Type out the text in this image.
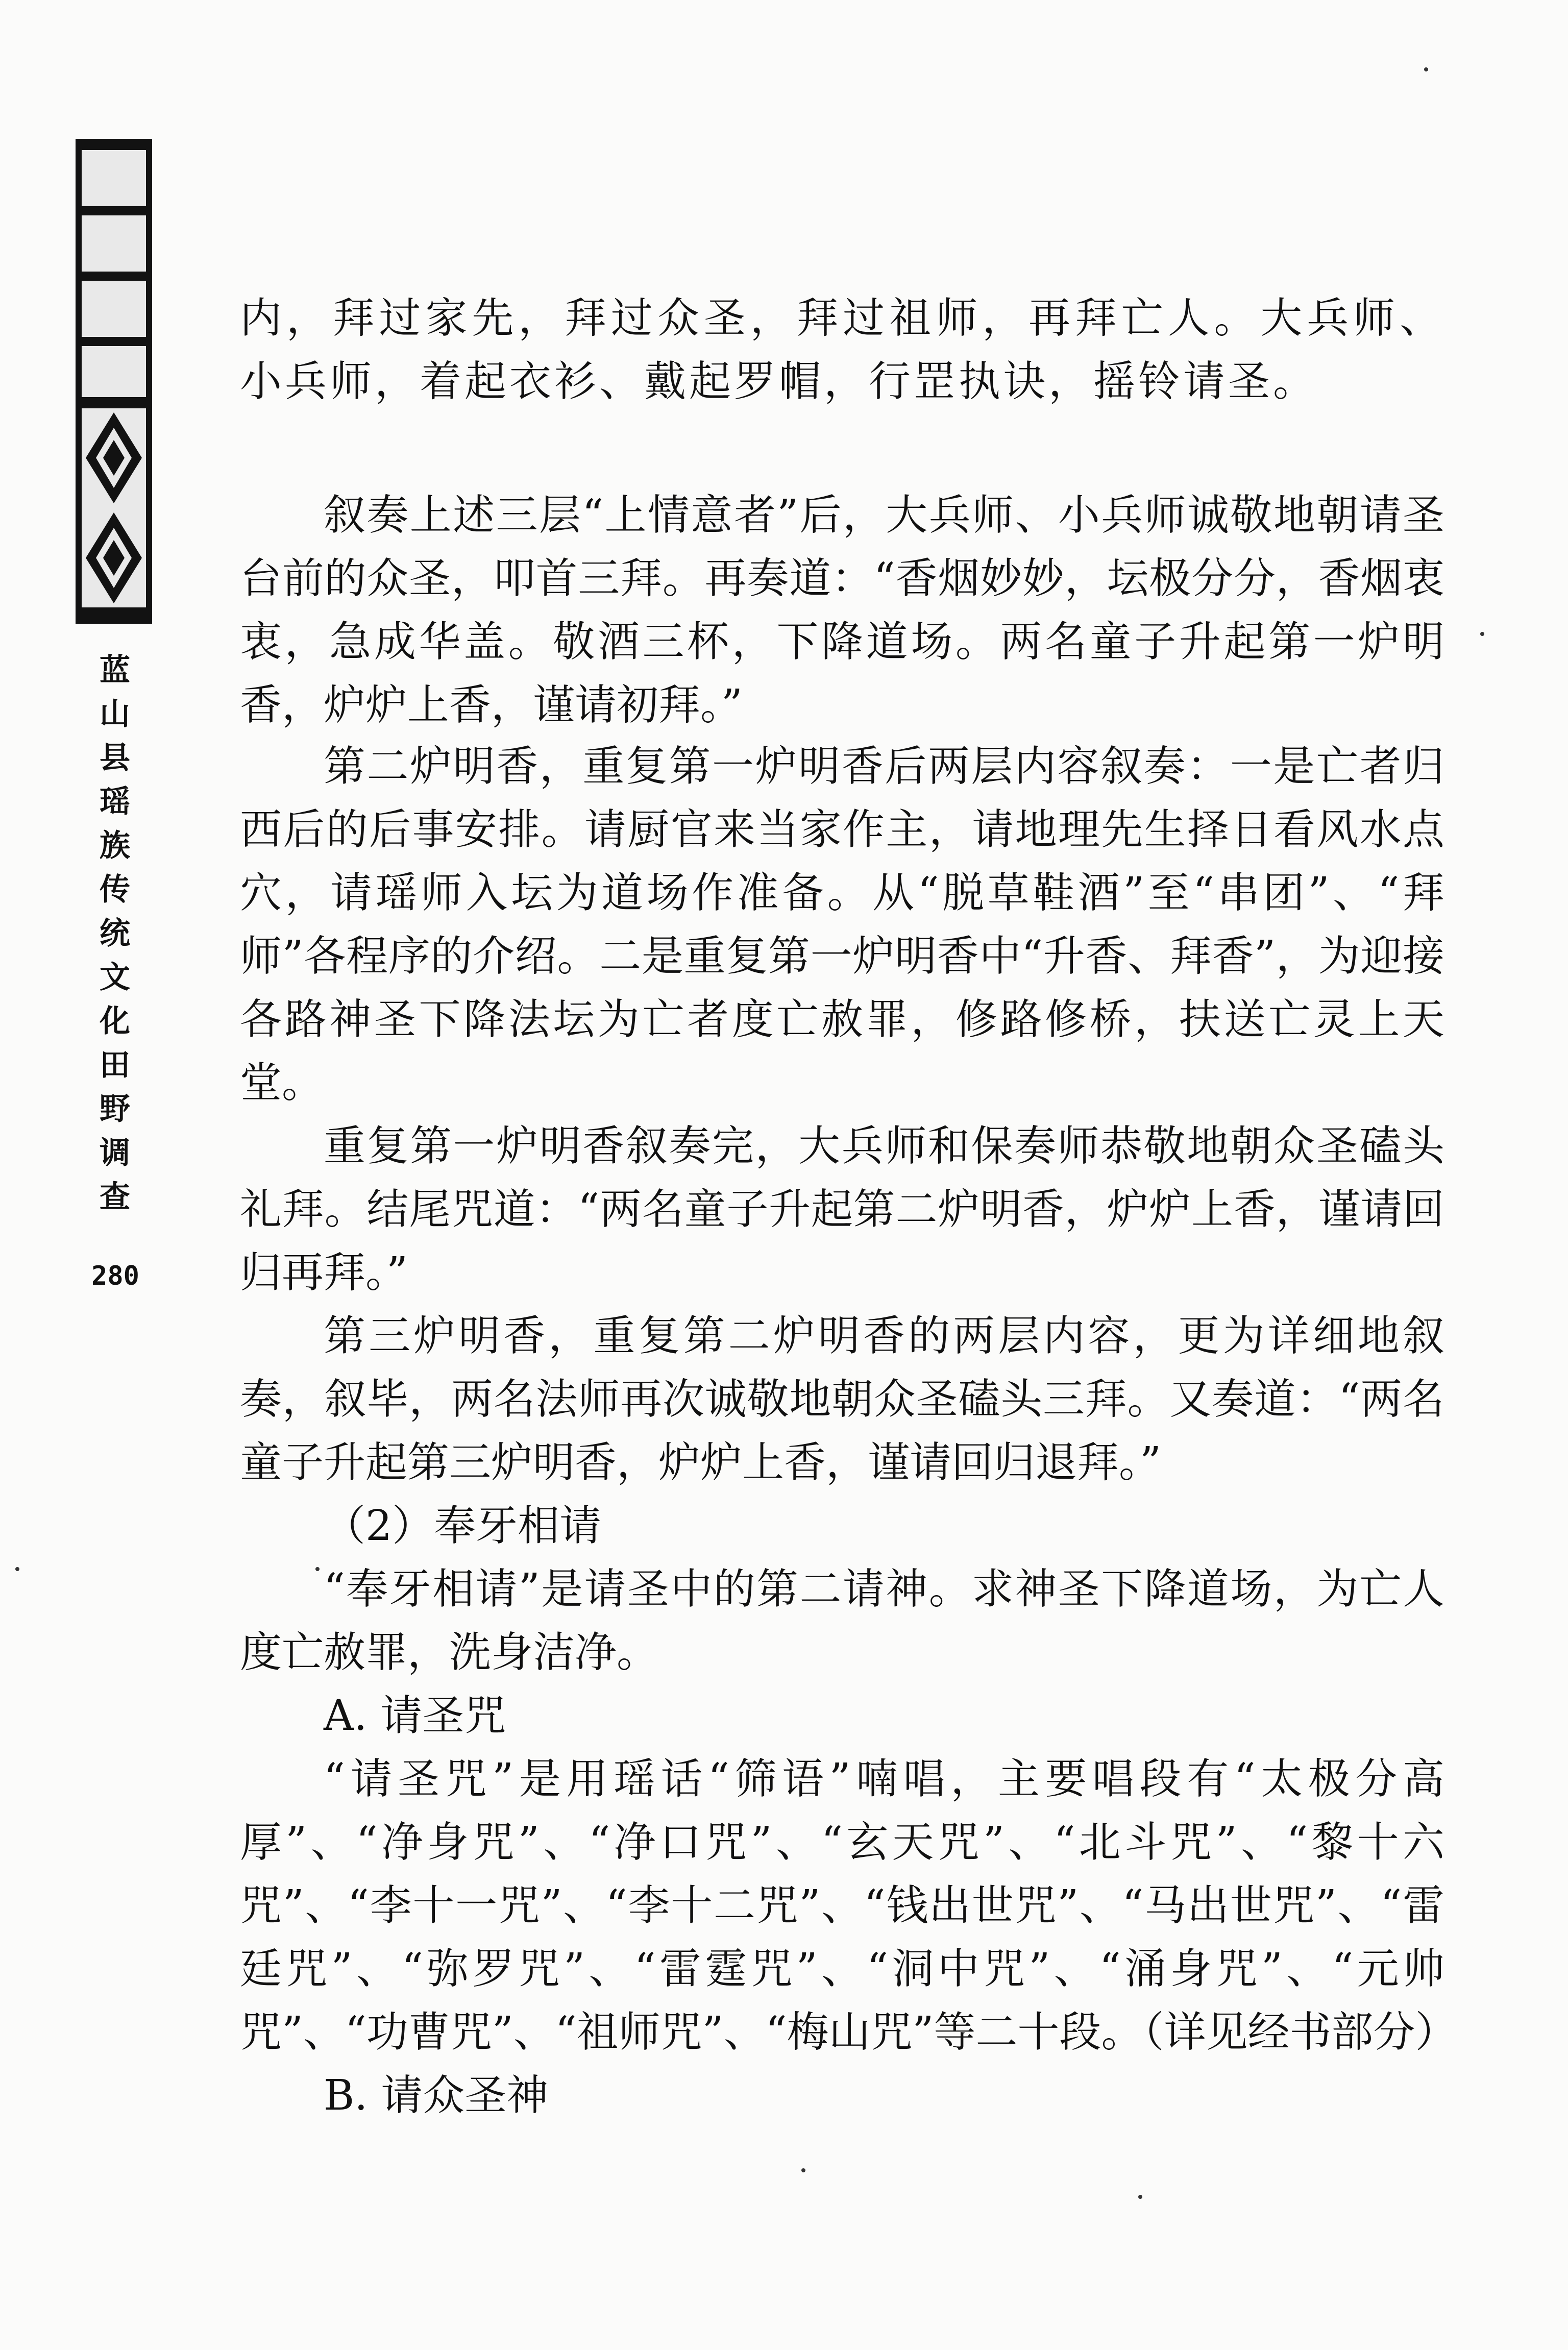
蓝
山
县
瑶
族
传
统
文
化
田
野
调
查
280

内，拜过家先，拜过众圣，拜过祖师，再拜亡人。大兵师、小兵师，着起衣衫、戴起罗帽，行罡执诀，摇铃请圣。

叙奏上述三层“上情意者”后，大兵师、小兵师诚敬地朝请圣台前的众圣，叩首三拜。再奏道：“香烟妙妙，坛极分分，香烟衷衷，急成华盖。敬酒三杯，下降道场。两名童子升起第一炉明香，炉炉上香，谨请初拜。”

第二炉明香，重复第一炉明香后两层内容叙奏：一是亡者归西后的后事安排。请厨官来当家作主，请地理先生择日看风水点穴，请瑶师入坛为道场作准备。从“脱草鞋酒”至“串团”、“拜师”各程序的介绍。二是重复第一炉明香中“升香、拜香”，为迎接各路神圣下降法坛为亡者度亡赦罪，修路修桥，扶送亡灵上天堂。

重复第一炉明香叙奏完，大兵师和保奏师恭敬地朝众圣磕头礼拜。结尾咒道：“两名童子升起第二炉明香，炉炉上香，谨请回归再拜。”

第三炉明香，重复第二炉明香的两层内容，更为详细地叙奏，叙毕，两名法师再次诚敬地朝众圣磕头三拜。又奏道：“两名童子升起第三炉明香，炉炉上香，谨请回归退拜。”

（2）奉牙相请

“奉牙相请”是请圣中的第二请神。求神圣下降道场，为亡人度亡赦罪，洗身洁净。

A. 请圣咒

“请圣咒”是用瑶话“筛语”喃唱，主要唱段有“太极分高厚”、“净身咒”、“净口咒”、“玄天咒”、“北斗咒”、“黎十六咒”、“李十一咒”、“李十二咒”、“钱出世咒”、“马出世咒”、“雷廷咒”、“弥罗咒”、“雷霆咒”、“洞中咒”、“涌身咒”、“元帅咒”、“功曹咒”、“祖师咒”、“梅山咒”等二十段。（详见经书部分）

B. 请众圣神
